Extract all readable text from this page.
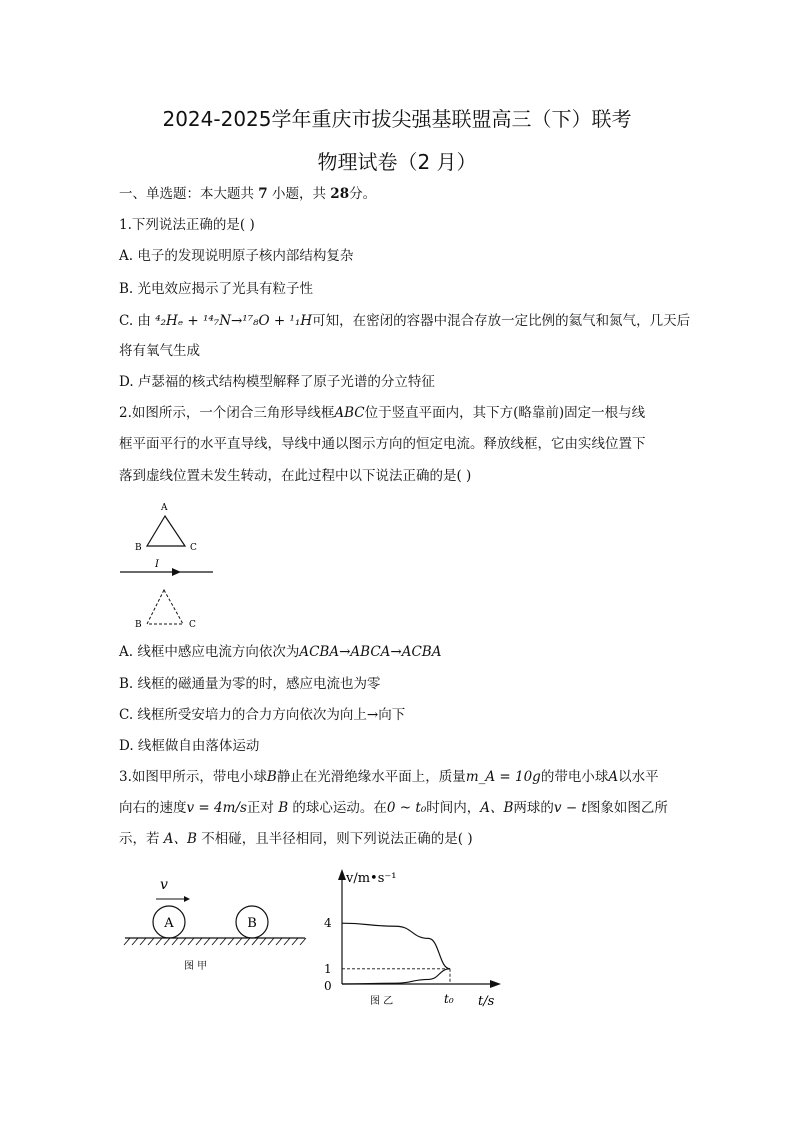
2024-2025学年重庆市拔尖强基联盟高三（下）联考
物理试卷（2 月）
一、单选题：本大题共 7 小题，共 28分。
1.下列说法正确的是( )
A. 电子的发现说明原子核内部结构复杂
B. 光电效应揭示了光具有粒子性
C. 由 ⁴₂Hₑ + ¹⁴₇N→¹⁷₈O + ¹₁H可知，在密闭的容器中混合存放一定比例的氦气和氮气，几天后
将有氧气生成
D. 卢瑟福的核式结构模型解释了原子光谱的分立特征
2.如图所示，一个闭合三角形导线框ABC位于竖直平面内，其下方(略靠前)固定一根与线
框平面平行的水平直导线，导线中通以图示方向的恒定电流。释放线框，它由实线位置下
落到虚线位置未发生转动，在此过程中以下说法正确的是( )
A
B	C
I
B	C
A. 线框中感应电流方向依次为ACBA→ABCA→ACBA
B. 线框的磁通量为零的时，感应电流也为零
C. 线框所受安培力的合力方向依次为向上→向下
D. 线框做自由落体运动
3.如图甲所示，带电小球B静止在光滑绝缘水平面上，质量m_A = 10g的带电小球A以水平
向右的速度v = 4m/s正对 B 的球心运动。在0 ~ t₀时间内，A、B两球的v − t图象如图乙所
示，若 A、B 不相碰，且半径相同，则下列说法正确的是( )
v
A	B
图 甲
v/m•s⁻¹
t/s
4
1
0
t₀
图 乙
